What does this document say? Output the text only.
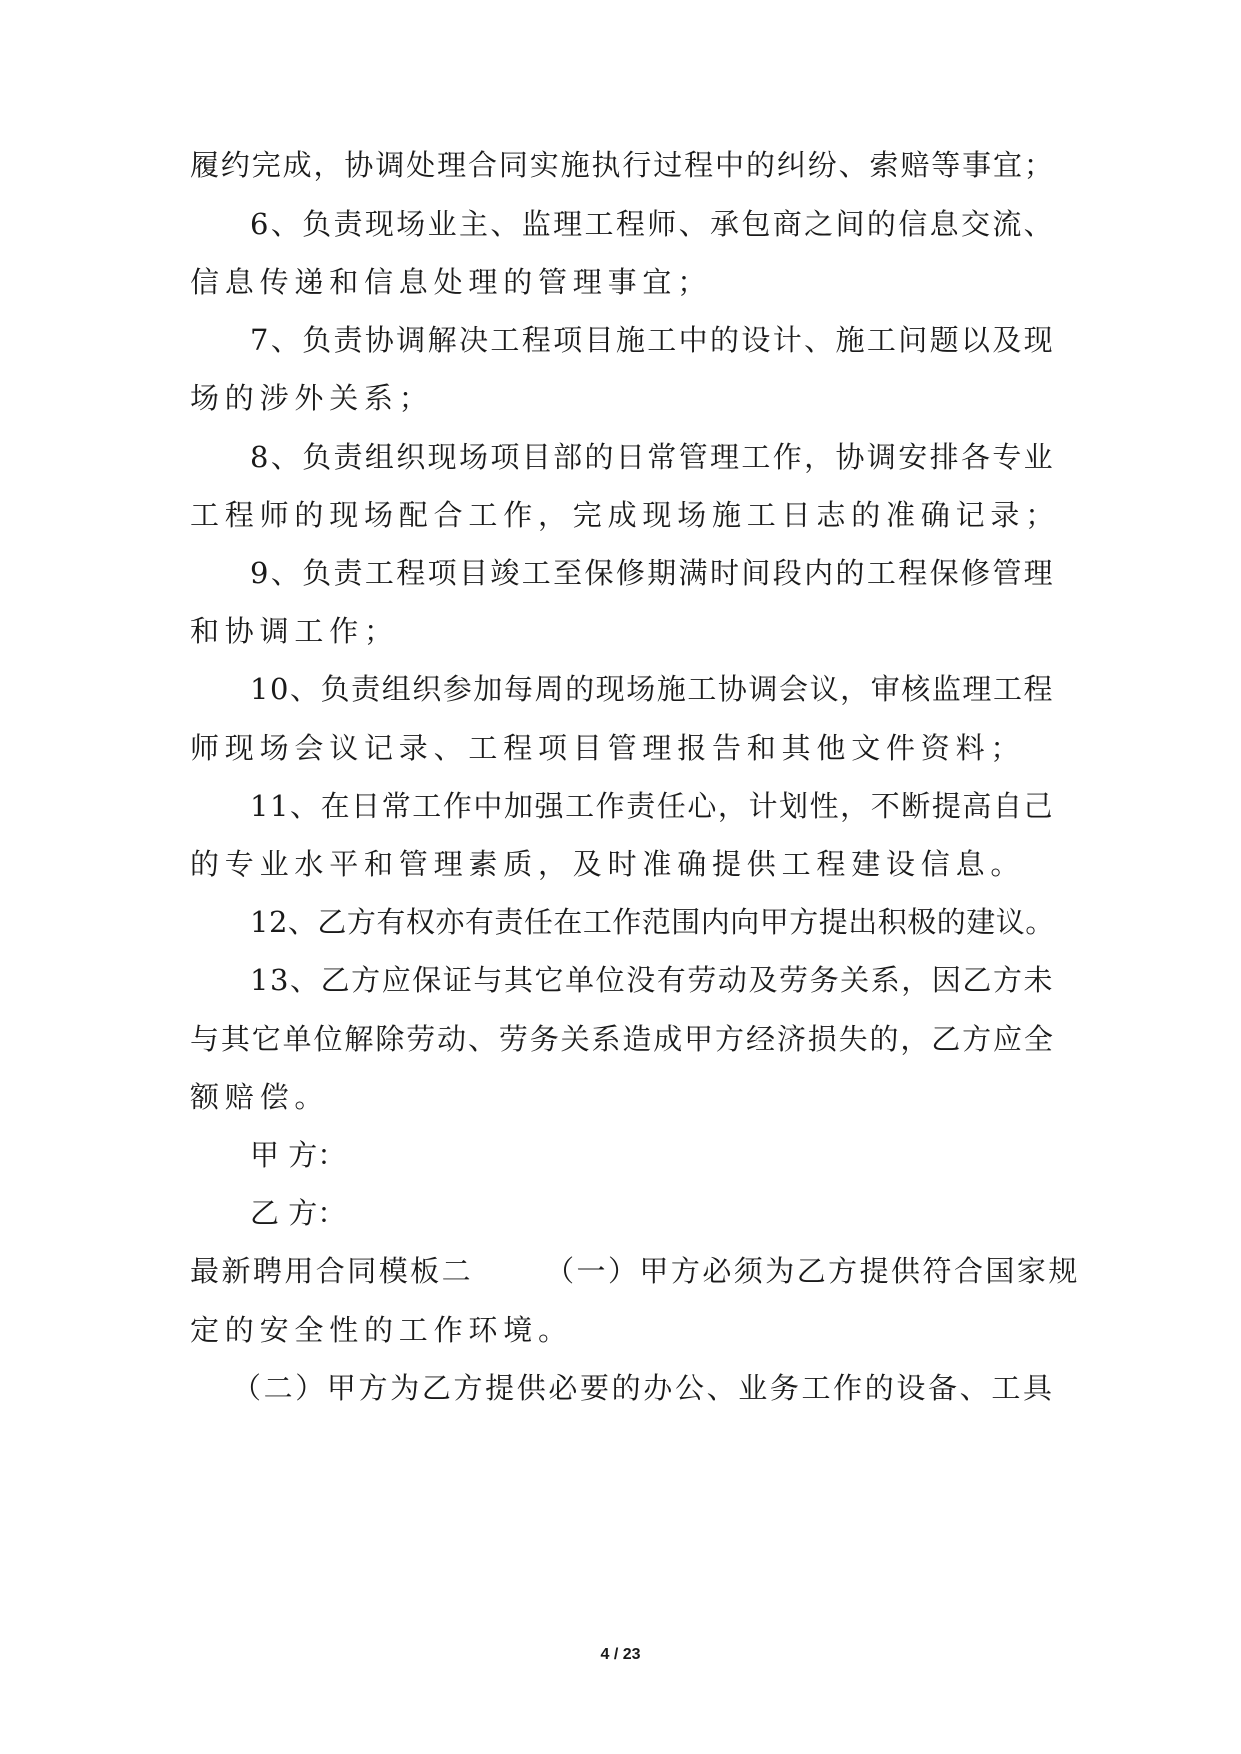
履约完成，协调处理合同实施执行过程中的纠纷、索赔等事宜；
6、负责现场业主、监理工程师、承包商之间的信息交流、
信息传递和信息处理的管理事宜；
7、负责协调解决工程项目施工中的设计、施工问题以及现
场的涉外关系；
8、负责组织现场项目部的日常管理工作，协调安排各专业
工程师的现场配合工作，完成现场施工日志的准确记录；
9、负责工程项目竣工至保修期满时间段内的工程保修管理
和协调工作；
10、负责组织参加每周的现场施工协调会议，审核监理工程
师现场会议记录、工程项目管理报告和其他文件资料；
11、在日常工作中加强工作责任心，计划性，不断提高自己
的专业水平和管理素质，及时准确提供工程建设信息。
12、乙方有权亦有责任在工作范围内向甲方提出积极的建议。
13、乙方应保证与其它单位没有劳动及劳务关系，因乙方未
与其它单位解除劳动、劳务关系造成甲方经济损失的，乙方应全
额赔偿。
甲 方：
乙 方：
最新聘用合同模板二 （一）甲方必须为乙方提供符合国家规
定的安全性的工作环境。
（二）甲方为乙方提供必要的办公、业务工作的设备、工具
4 / 23
